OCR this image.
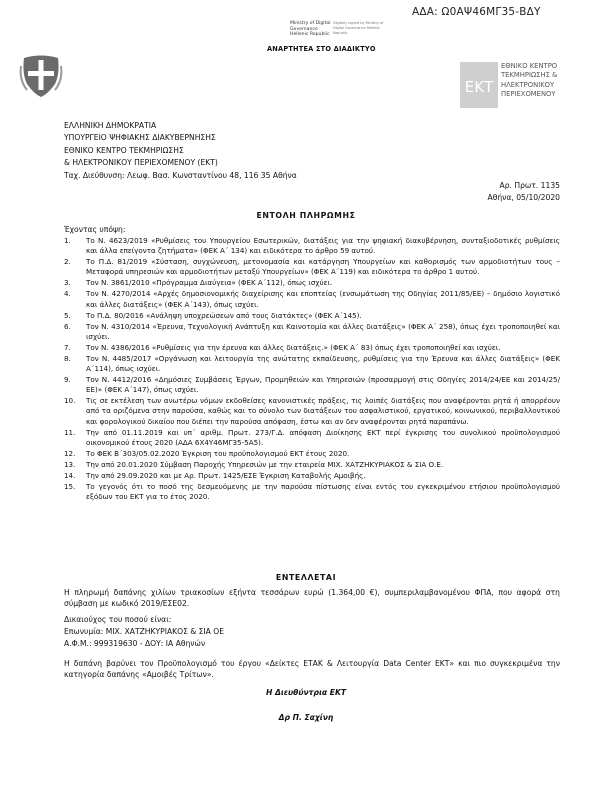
ΑΔΑ: Ω0ΑΨ46ΜΓ35-ΒΔΥ
Ministry of Digital
Governance
Hellenic Republic
Digitally signed by Ministry of Digital Governance Hellenic Republic
ΑΝΑΡΤΗΤΕΑ ΣΤΟ ΔΙΑΔΙΚΤΥΟ
ΕΚΤ
ΕΘΝΙΚΟ ΚΕΝΤΡΟ
ΤΕΚΜΗΡΙΩΣΗΣ &
ΗΛΕΚΤΡΟΝΙΚΟΥ
ΠΕΡΙΕΧΟΜΕΝΟΥ
ΕΛΛΗΝΙΚΗ ΔΗΜΟΚΡΑΤΙΑ
ΥΠΟΥΡΓΕΙΟ ΨΗΦΙΑΚΗΣ ΔΙΑΚΥΒΕΡΝΗΣΗΣ
ΕΘΝΙΚΟ ΚΕΝΤΡΟ ΤΕΚΜΗΡΙΩΣΗΣ
& ΗΛΕΚΤΡΟΝΙΚΟΥ ΠΕΡΙΕΧΟΜΕΝΟΥ (ΕΚΤ)
Ταχ. Διεύθυνση: Λεωφ. Βασ. Κωνσταντίνου 48, 116 35 Αθήνα
Αρ. Πρωτ. 1135
Αθήνα, 05/10/2020
ΕΝΤΟΛΗ ΠΛΗΡΩΜΗΣ
Έχοντας υπόψη:
1. Το Ν. 4623/2019 «Ρυθμίσεις του Υπουργείου Εσωτερικών, διατάξεις για την ψηφιακή διακυβέρνηση, συνταξιοδοτικές ρυθμίσεις και άλλα επείγοντα ζητήματα» (ΦΕΚ Α΄ 134) και ειδικότερα το άρθρο 59 αυτού.
2. Το Π.Δ. 81/2019 «Σύσταση, συγχώνευση, μετονομασία και κατάργηση Υπουργείων και καθορισμός των αρμοδιοτήτων τους – Μεταφορά υπηρεσιών και αρμοδιοτήτων μεταξύ Υπουργείων» (ΦΕΚ Α΄119) και ειδικότερα το άρθρο 1 αυτού.
3. Τον Ν. 3861/2010 «Πρόγραμμα Διαύγεια» (ΦΕΚ Α΄112), όπως ισχύει.
4. Τον Ν. 4270/2014 «Αρχές δημοσιονομικής διαχείρισης και εποπτείας (ενσωμάτωση της Οδηγίας 2011/85/ΕΕ) – δημόσιο λογιστικό και άλλες διατάξεις» (ΦΕΚ Α΄143), όπως ισχύει.
5. Το Π.Δ. 80/2016 «Ανάληψη υποχρεώσεων από τους διατάκτες» (ΦΕΚ Α΄145).
6. Τον Ν. 4310/2014 «Έρευνα, Τεχνολογική Ανάπτυξη και Καινοτομία και άλλες διατάξεις» (ΦΕΚ Α΄ 258), όπως έχει τροποποιηθεί και ισχύει.
7. Τον Ν. 4386/2016 «Ρυθμίσεις για την έρευνα και άλλες διατάξεις.» (ΦΕΚ Α΄ 83) όπως έχει τροποποιηθεί και ισχύει.
8. Τον Ν. 4485/2017 «Οργάνωση και λειτουργία της ανώτατης εκπαίδευσης, ρυθμίσεις για την Έρευνα και άλλες διατάξεις» (ΦΕΚ Α΄114), όπως ισχύει.
9. Τον Ν. 4412/2016 «Δημόσιες Συμβάσεις Έργων, Προμηθειών και Υπηρεσιών (προσαρμογή στις Οδηγίες 2014/24/ΕΕ και 2014/25/ΕΕ)» (ΦΕΚ Α΄147), όπως ισχύει.
10. Τις σε εκτέλεση των ανωτέρω νόμων εκδοθείσες κανονιστικές πράξεις, τις λοιπές διατάξεις που αναφέρονται ρητά ή απορρέουν από τα οριζόμενα στην παρούσα, καθώς και το σύνολο των διατάξεων του ασφαλιστικού, εργατικού, κοινωνικού, περιβαλλοντικού και φορολογικού δικαίου που διέπει την παρούσα απόφαση, έστω και αν δεν αναφέρονται ρητά παραπάνω.
11. Την από 01.11.2019 και υπ΄ αριθμ. Πρωτ. 273/Γ.Δ. απόφαση Διοίκησης ΕΚΤ περί έγκρισης του συνολικού προϋπολογισμού οικονομικού έτους 2020 (ΑΔΑ 6Χ4Υ46ΜΓ35-5Α5).
12. Το ΦΕΚ Β΄303/05.02.2020 Έγκριση του προϋπολογισμού ΕΚΤ έτους 2020.
13. Την από 20.01.2020 Σύμβαση Παροχής Υπηρεσιών με την εταιρεία ΜΙΧ. ΧΑΤΖΗΚΥΡΙΑΚΟΣ & ΣΙΑ Ο.Ε.
14. Την από 29.09.2020 και με Αρ. Πρωτ. 1425/ΕΣΕ Έγκριση Καταβολής Αμοιβής.
15. Το γεγονός ότι το ποσό της δεσμευόμενης με την παρούσα πίστωσης είναι εντός του εγκεκριμένου ετήσιου προϋπολογισμού εξόδων του ΕΚΤ για το έτος 2020.
ΕΝΤΕΛΛΕΤΑΙ
Η πληρωμή δαπάνης χιλίων τριακοσίων εξήντα τεσσάρων ευρώ (1.364,00 €), συμπεριλαμβανομένου ΦΠΑ, που αφορά στη σύμβαση με κωδικό 2019/ΕΣΕ02.
Δικαιούχος του ποσού είναι:
Επωνυμία: ΜΙΧ. ΧΑΤΖΗΚΥΡΙΑΚΟΣ & ΣΙΑ ΟΕ
Α.Φ.Μ.: 999319630 - ΔΟΥ: ΙΑ Αθηνών
Η δαπάνη βαρύνει τον Προϋπολογισμό του έργου «Δείκτες ΕΤΑΚ & Λειτουργία Data Center ΕΚΤ» και πιο συγκεκριμένα την κατηγορία δαπάνης «Αμοιβές Τρίτων».
Η Διευθύντρια ΕΚΤ
Δρ Π. Σαχίνη
